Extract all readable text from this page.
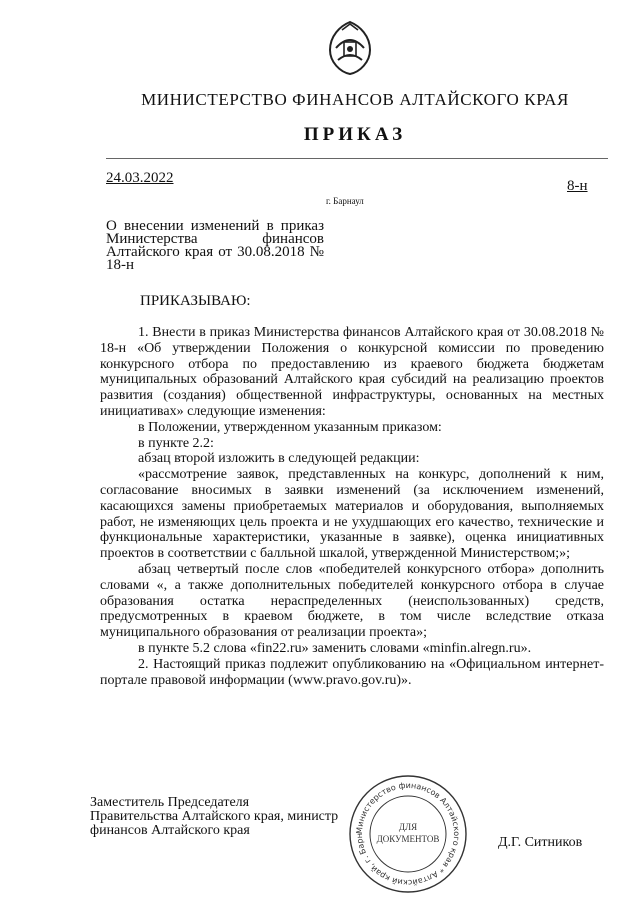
МИНИСТЕРСТВО ФИНАНСОВ АЛТАЙСКОГО КРАЯ
ПРИКАЗ
24.03.2022	8-н
г. Барнаул
О внесении изменений в приказ Министерства финансов Алтайского края от 30.08.2018 № 18-н
ПРИКАЗЫВАЮ:

1. Внести в приказ Министерства финансов Алтайского края от 30.08.2018 № 18-н «Об утверждении Положения о конкурсной комиссии по проведению конкурсного отбора по предоставлению из краевого бюджета бюджетам муниципальных образований Алтайского края субсидий на реализацию проектов развития (создания) общественной инфраструктуры, основанных на местных инициативах» следующие изменения:

в Положении, утвержденном указанным приказом:

в пункте 2.2:

абзац второй изложить в следующей редакции:

«рассмотрение заявок, представленных на конкурс, дополнений к ним, согласование вносимых в заявки изменений (за исключением изменений, касающихся замены приобретаемых материалов и оборудования, выполняемых работ, не изменяющих цель проекта и не ухудшающих его качество, технические и функциональные характеристики, указанные в заявке), оценка инициативных проектов в соответствии с балльной шкалой, утвержденной Министерством;»;

абзац четвертый после слов «победителей конкурсного отбора» дополнить словами «, а также дополнительных победителей конкурсного отбора в случае образования остатка нераспределенных (неиспользованных) средств, предусмотренных в краевом бюджете, в том числе вследствие отказа муниципального образования от реализации проекта»;

в пункте 5.2 слова «fin22.ru» заменить словами «minfin.alregn.ru».

2. Настоящий приказ подлежит опубликованию на «Официальном интернет-портале правовой информации (www.pravo.gov.ru)».

Заместитель Председателя Правительства Алтайского края, министр финансов Алтайского края	Министерство финансов Алтайского края * Алтайский край, г. Барн
ДЛЯ
ДОКУМЕНТОВ	Д.Г. Ситников
